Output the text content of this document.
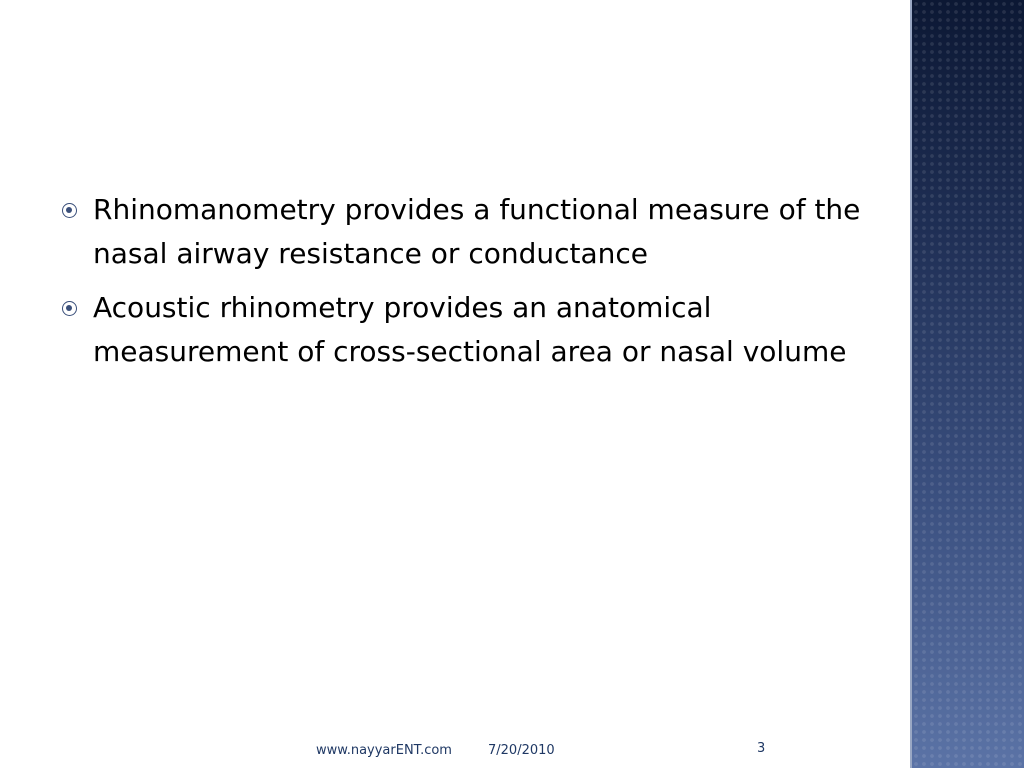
Rhinomanometry provides a functional measure of the nasal airway resistance or conductance
Acoustic rhinometry provides an anatomical measurement of cross-sectional area or nasal volume
www.nayyarENT.com	7/20/2010	3
